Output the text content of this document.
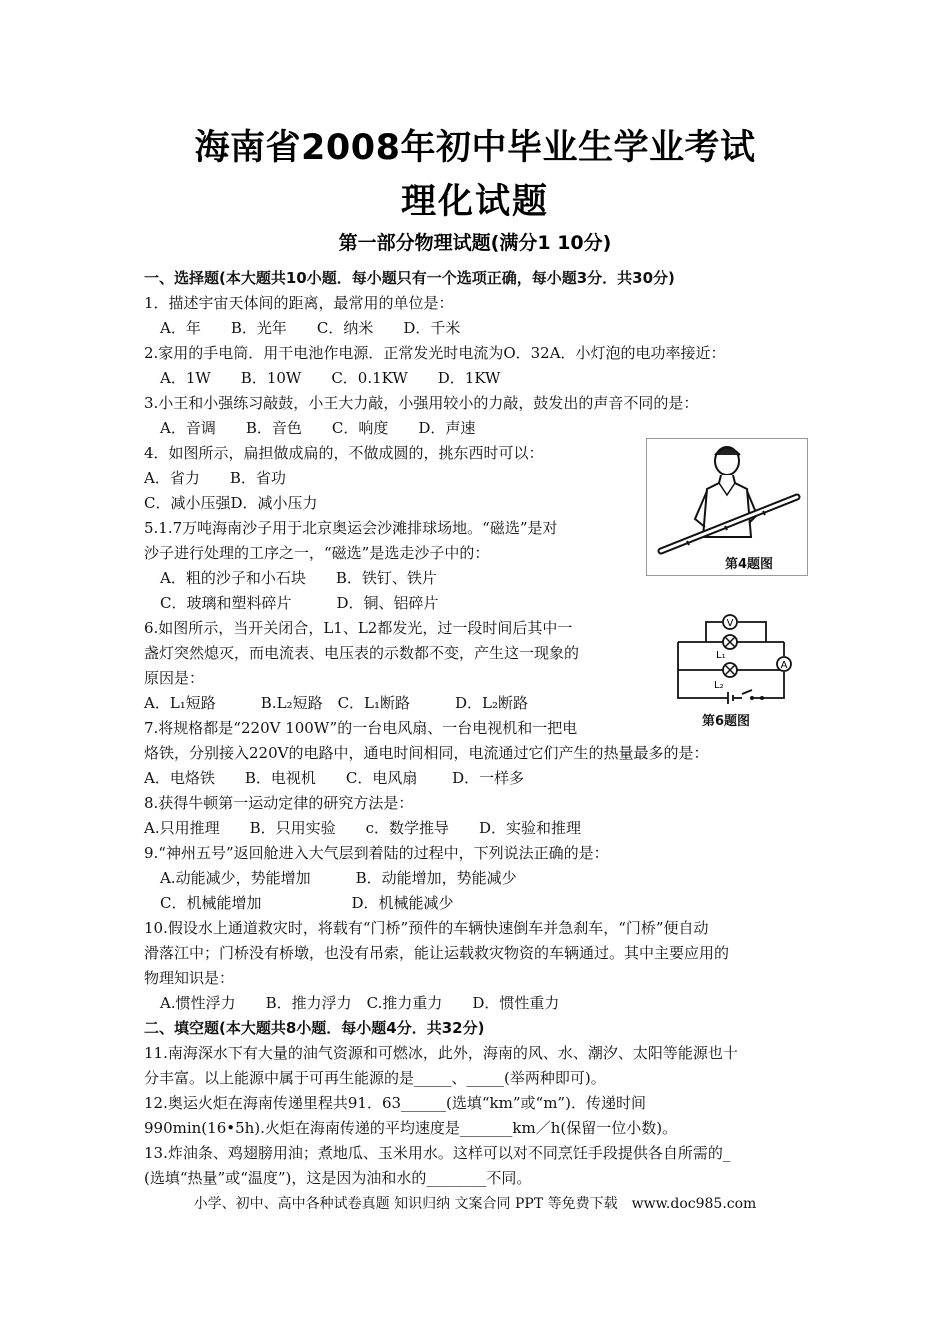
海南省2008年初中毕业生学业考试
理化试题
第一部分物理试题(满分1 10分)
一、选择题(本大题共10小题．每小题只有一个选项正确，每小题3分．共30分)
1．描述宇宙天体间的距离，最常用的单位是：
A．年　　B．光年　　C．纳米　　D．千米
2.家用的手电筒．用干电池作电源．正常发光时电流为O．32A．小灯泡的电功率接近：
A．1W　　B．10W　　C．0.1KW　　D．1KW
3.小王和小强练习敲鼓，小王大力敲，小强用较小的力敲，鼓发出的声音不同的是：
A．音调　　B．音色　　C．响度　　D．声速
4．如图所示，扁担做成扁的，不做成圆的，挑东西时可以：
A．省力　　B．省功
C．减小压强D．减小压力
5.1.7万吨海南沙子用于北京奥运会沙滩排球场地。“磁选”是对
沙子进行处理的工序之一，“磁选”是选走沙子中的：
A．粗的沙子和小石块　　B．铁钉、铁片
C．玻璃和塑料碎片　　　D．铜、铝碎片
6.如图所示，当开关闭合，L1、L2都发光，过一段时间后其中一
盏灯突然熄灭，而电流表、电压表的示数都不变，产生这一现象的
原因是：
A．L₁短路　　　B.L₂短路　C．L₁断路　　　D．L₂断路
7.将规格都是“220V 100W”的一台电风扇、一台电视机和一把电
烙铁，分别接入220V的电路中，通电时间相同，电流通过它们产生的热量最多的是：
A．电烙铁　　B．电视机　　C．电风扇　　 D．一样多
8.获得牛顿第一运动定律的研究方法是：
A.只用推理　　B．只用实验　　c．数学推导　　D．实验和推理
9.“神州五号”返回舱进入大气层到着陆的过程中，下列说法正确的是：
A.动能减少，势能增加　　　B．动能增加，势能减少
C．机械能增加　　　　　　D．机械能减少
10.假设水上通道救灾时，将载有“门桥”预件的车辆快速倒车并急刹车，“门桥”便自动
滑落江中；门桥没有桥墩，也没有吊索，能让运载救灾物资的车辆通过。其中主要应用的
物理知识是：
A.惯性浮力　　B．推力浮力　C.推力重力　　D．惯性重力
二、填空题(本大题共8小题．每小题4分．共32分)
11.南海深水下有大量的油气资源和可燃冰，此外，海南的风、水、潮汐、太阳等能源也十
分丰富。以上能源中属于可再生能源的是_____、_____(举两种即可)。
12.奥运火炬在海南传递里程共91．63______(选填“km”或“m”)．传递时间
990min(16•5h).火炬在海南传递的平均速度是_______km／h(保留一位小数)。
13.炸油条、鸡翅膀用油；煮地瓜、玉米用水。这样可以对不同烹饪手段提供各自所需的_
(选填“热量”或“温度”)，这是因为油和水的________不同。
第4题图
V
L₁
L₂
A
第6题图
小学、初中、高中各种试卷真题 知识归纳 文案合同 PPT 等免费下载　www.doc985.com
